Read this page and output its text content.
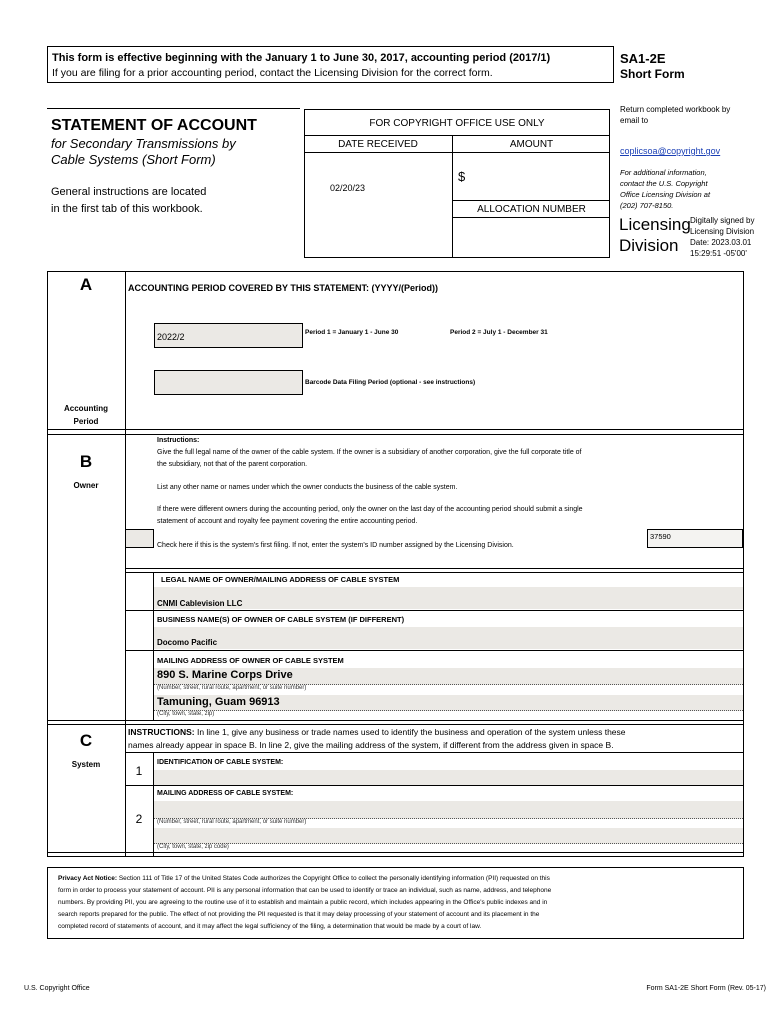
This form is effective beginning with the January 1 to June 30, 2017, accounting period (2017/1)
If you are filing for a prior accounting period, contact the Licensing Division for the correct form.
SA1-2E
Short Form
STATEMENT OF ACCOUNT
for Secondary Transmissions by
Cable Systems (Short Form)
General instructions are located
in the first tab of this workbook.
FOR COPYRIGHT OFFICE USE ONLY
DATE RECEIVED	AMOUNT
02/20/23
$
ALLOCATION NUMBER
Return completed workbook by
email to
coplicsoa@copyright.gov
For additional information,
contact the U.S. Copyright
Office Licensing Division at
(202) 707-8150.
Licensing
Division
Digitally signed by
Licensing Division
Date: 2023.03.01
15:29:51 -05'00'
A
Accounting
Period
ACCOUNTING PERIOD COVERED BY THIS STATEMENT: (YYYY/(Period))
2022/2	Period 1 = January 1 - June 30	Period 2 = July 1 - December 31
Barcode Data Filing Period (optional - see instructions)
B
Owner
Instructions:
Give the full legal name of the owner of the cable system. If the owner is a subsidiary of another corporation, give the full corporate title of
the subsidiary, not that of the parent corporation.
List any other name or names under which the owner conducts the business of the cable system.
If there were different owners during the accounting period, only the owner on the last day of the accounting period should submit a single
statement of account and royalty fee payment covering the entire accounting period.
Check here if this is the system's first filing. If not, enter the system's ID number assigned by the Licensing Division.
37590
LEGAL NAME OF OWNER/MAILING ADDRESS OF CABLE SYSTEM
CNMI Cablevision LLC
BUSINESS NAME(S) OF OWNER OF CABLE SYSTEM (IF DIFFERENT)
Docomo Pacific
MAILING ADDRESS OF OWNER OF CABLE SYSTEM
890 S. Marine Corps Drive
(Number, street, rural route, apartment, or suite number)
Tamuning, Guam 96913
(City, town, state, zip)
C
System
INSTRUCTIONS: In line 1, give any business or trade names used to identify the business and operation of the system unless these
names already appear in space B. In line 2, give the mailing address of the system, if different from the address given in space B.
1
IDENTIFICATION OF CABLE SYSTEM:
MAILING ADDRESS OF CABLE SYSTEM:
2	(Number, street, rural route, apartment, or suite number)
(City, town, state, zip code)
Privacy Act Notice: Section 111 of Title 17 of the United States Code authorizes the Copyright Office to collect the personally identifying information (PII) requested on this
form in order to process your statement of account. PII is any personal information that can be used to identify or trace an individual, such as name, address, and telephone
numbers. By providing PII, you are agreeing to the routine use of it to establish and maintain a public record, which includes appearing in the Office's public indexes and in
search reports prepared for the public. The effect of not providing the PII requested is that it may delay processing of your statement of account and its placement in the
completed record of statements of account, and it may affect the legal sufficiency of the filing, a determination that would be made by a court of law.
U.S. Copyright Office	Form SA1-2E Short Form (Rev. 05-17)
